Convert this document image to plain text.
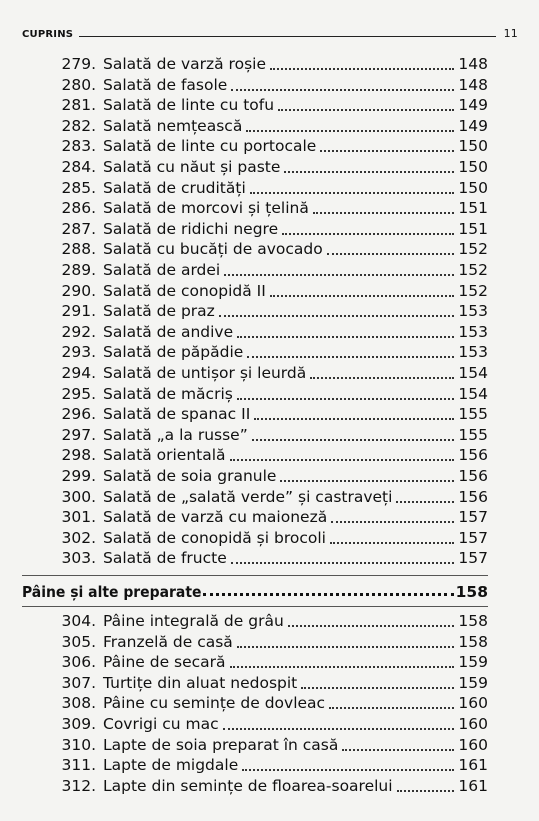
CUPRINS	11
279. Salată de varză roșie	148
280. Salată de fasole	148
281. Salată de linte cu tofu	149
282. Salată nemțească	149
283. Salată de linte cu portocale	150
284. Salată cu năut și paste	150
285. Salată de crudități	150
286. Salată de morcovi și țelină	151
287. Salată de ridichi negre	151
288. Salată cu bucăți de avocado	152
289. Salată de ardei	152
290. Salată de conopidă II	152
291. Salată de praz	153
292. Salată de andive	153
293. Salată de păpădie	153
294. Salată de untișor și leurdă	154
295. Salată de măcriș	154
296. Salată de spanac II	155
297. Salată „a la russe”	155
298. Salată orientală	156
299. Salată de soia granule	156
300. Salată de „salată verde” și castraveți	156
301. Salată de varză cu maioneză	157
302. Salată de conopidă și brocoli	157
303. Salată de fructe	157
Pâine și alte preparate	158
304. Pâine integrală de grâu	158
305. Franzelă de casă	158
306. Pâine de secară	159
307. Turtițe din aluat nedospit	159
308. Pâine cu semințe de dovleac	160
309. Covrigi cu mac	160
310. Lapte de soia preparat în casă	160
311. Lapte de migdale	161
312. Lapte din semințe de floarea-soarelui	161
